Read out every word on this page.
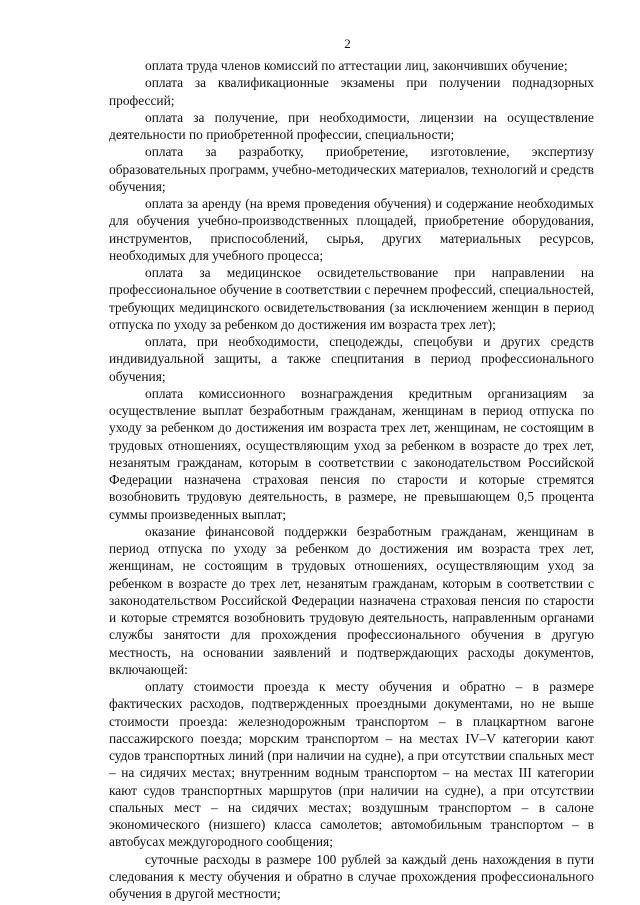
2

оплата труда членов комиссий по аттестации лиц, закончивших обучение;

оплата за квалификационные экзамены при получении поднадзорных профессий;

оплата за получение, при необходимости, лицензии на осуществление деятельности по приобретенной профессии, специальности;

оплата за разработку, приобретение, изготовление, экспертизу образовательных программ, учебно-методических материалов, технологий и средств обучения;

оплата за аренду (на время проведения обучения) и содержание необходимых для обучения учебно-производственных площадей, приобретение оборудования, инструментов, приспособлений, сырья, других материальных ресурсов, необходимых для учебного процесса;

оплата за медицинское освидетельствование при направлении на профессиональное обучение в соответствии с перечнем профессий, специальностей, требующих медицинского освидетельствования (за исключением женщин в период отпуска по уходу за ребенком до достижения им возраста трех лет);

оплата, при необходимости, спецодежды, спецобуви и других средств индивидуальной защиты, а также спецпитания в период профессионального обучения;

оплата комиссионного вознаграждения кредитным организациям за осуществление выплат безработным гражданам, женщинам в период отпуска по уходу за ребенком до достижения им возраста трех лет, женщинам, не состоящим в трудовых отношениях, осуществляющим уход за ребенком в возрасте до трех лет, незанятым гражданам, которым в соответствии с законодательством Российской Федерации назначена страховая пенсия по старости и которые стремятся возобновить трудовую деятельность, в размере, не превышающем 0,5 процента суммы произведенных выплат;

оказание финансовой поддержки безработным гражданам, женщинам в период отпуска по уходу за ребенком до достижения им возраста трех лет, женщинам, не состоящим в трудовых отношениях, осуществляющим уход за ребенком в возрасте до трех лет, незанятым гражданам, которым в соответствии с законодательством Российской Федерации назначена страховая пенсия по старости и которые стремятся возобновить трудовую деятельность, направленным органами службы занятости для прохождения профессионального обучения в другую местность, на основании заявлений и подтверждающих расходы документов, включающей:

оплату стоимости проезда к месту обучения и обратно – в размере фактических расходов, подтвержденных проездными документами, но не выше стоимости проезда: железнодорожным транспортом – в плацкартном вагоне пассажирского поезда; морским транспортом – на местах IV–V категории кают судов транспортных линий (при наличии на судне), а при отсутствии спальных мест – на сидячих местах; внутренним водным транспортом – на местах III категории кают судов транспортных маршрутов (при наличии на судне), а при отсутствии спальных мест – на сидячих местах; воздушным транспортом – в салоне экономического (низшего) класса самолетов; автомобильным транспортом – в автобусах междугородного сообщения;

суточные расходы в размере 100 рублей за каждый день нахождения в пути следования к месту обучения и обратно в случае прохождения профессионального обучения в другой местности;
